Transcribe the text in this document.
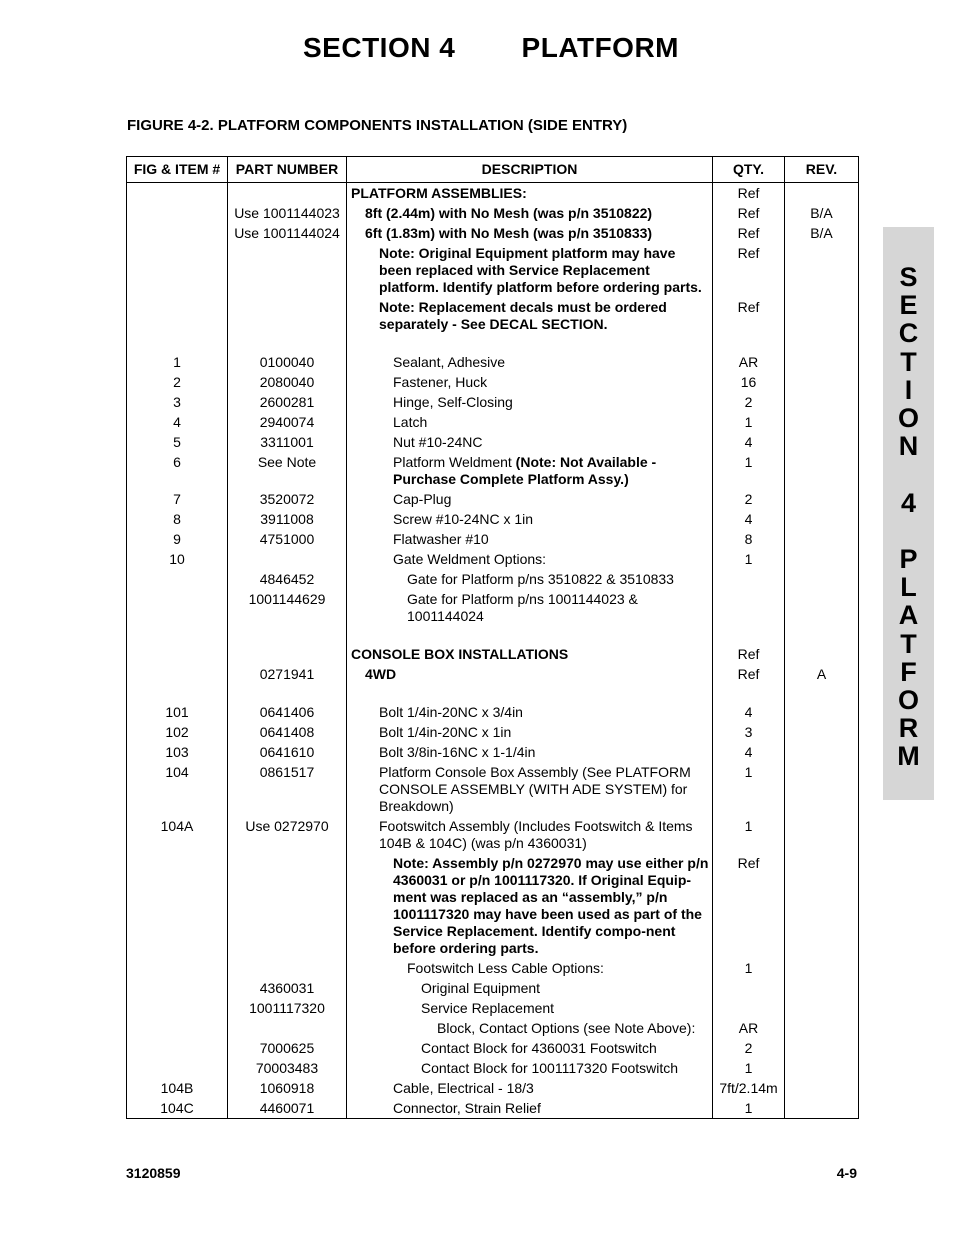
SECTION 4        PLATFORM
FIGURE 4-2. PLATFORM COMPONENTS INSTALLATION (SIDE ENTRY)
FIG & ITEM #	PART NUMBER	DESCRIPTION	QTY.	REV.

		PLATFORM ASSEMBLIES:	Ref	
	Use 1001144023	8ft (2.44m) with No Mesh (was p/n 3510822)	Ref	B/A
	Use 1001144024	6ft (1.83m) with No Mesh (was p/n 3510833)	Ref	B/A

		Note: Original Equipment platform may have been replaced with Service Replacement platform. Identify platform before ordering parts.	Ref	

		Note: Replacement decals must be ordered separately - See DECAL SECTION.	Ref	

1	0100040	Sealant, Adhesive	AR	
2	2080040	Fastener, Huck	16	
3	2600281	Hinge, Self-Closing	2	
4	2940074	Latch	1	
5	3311001	Nut #10-24NC	4	
6	See Note	Platform Weldment (Note: Not Available - Purchase Complete Platform Assy.)	1	
7	3520072	Cap-Plug	2	
8	3911008	Screw #10-24NC x 1in	4	
9	4751000	Flatwasher #10	8	
10		Gate Weldment Options:	1	
	4846452	Gate for Platform p/ns 3510822 & 3510833		

	1001144629	Gate for Platform p/ns 1001144023 & 1001144024		

		CONSOLE BOX INSTALLATIONS	Ref	
	0271941	4WD	Ref	A

101	0641406	Bolt 1/4in-20NC x 3/4in	4	
102	0641408	Bolt 1/4in-20NC x 1in	3	
103	0641610	Bolt 3/8in-16NC x 1-1/4in	4	
104	0861517	Platform Console Box Assembly (See PLATFORM CONSOLE ASSEMBLY (WITH ADE SYSTEM) for Breakdown)	1	
104A	Use 0272970	Footswitch Assembly (Includes Footswitch & Items 104B & 104C) (was p/n 4360031)	1	

		Note: Assembly p/n 0272970 may use either p/n 4360031 or p/n 1001117320. If Original Equip-ment was replaced as an “assembly,” p/n 1001117320 may have been used as part of the Service Replacement. Identify compo-nent before ordering parts.	Ref	

		Footswitch Less Cable Options:	1	
	4360031	Original Equipment		

	1001117320	Service Replacement		

		Block, Contact Options (see Note Above):	AR	
	7000625	Contact Block for 4360031 Footswitch	2	
	70003483	Contact Block for 1001117320 Footswitch	1	
104B	1060918	Cable, Electrical - 18/3	7ft/2.14m	
104C	4460071	Connector, Strain Relief	1	
S
E
C
T
I
O
N

4

P
L
A
T
F
O
R
M
3120859	4-9
